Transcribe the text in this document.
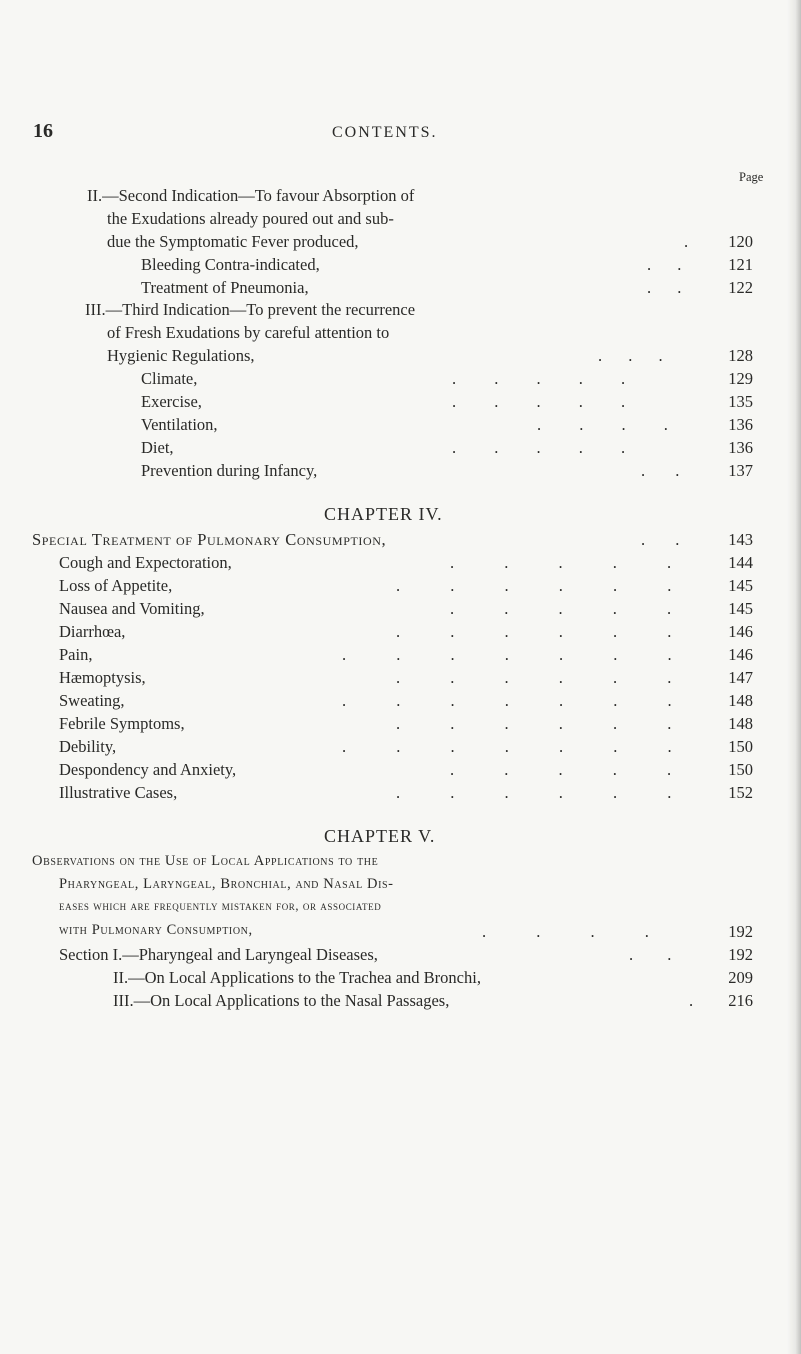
16	CONTENTS.
Page
II.—Second Indication—To favour Absorption of
the Exudations already poured out and sub-
due the Symptomatic Fever produced,	120
.
Bleeding Contra-indicated,	. .	121
Treatment of Pneumonia,	. .	122
III.—Third Indication—To prevent the recurrence
of Fresh Exudations by careful attention to
Hygienic Regulations,	. . .	128
Climate,	. . . . .	129
Exercise,	. . . . .	135
Ventilation,	. . . .	136
Diet,	. . . . .	136
Prevention during Infancy,	. .	137
CHAPTER IV.
Special Treatment of Pulmonary Consumption,	. .	143
Cough and Expectoration,	. . . . .	144
Loss of Appetite,	. . . . . .	145
Nausea and Vomiting,	. . . . .	145
Diarrhœa,	. . . . . .	146
Pain,	. . . . . . .	146
Hæmoptysis,	. . . . . .	147
Sweating,	. . . . . . .	148
Febrile Symptoms,	. . . . . .	148
Debility,	. . . . . . .	150
Despondency and Anxiety,	. . . . .	150
Illustrative Cases,	. . . . . .	152
CHAPTER V.
Observations on the Use of Local Applications to the
Pharyngeal, Laryngeal, Bronchial, and Nasal Dis-
eases which are frequently mistaken for, or associated
with Pulmonary Consumption,	. . . .	192
Section I.—Pharyngeal and Laryngeal Diseases,	. .	192
II.—On Local Applications to the Trachea and Bronchi,	209
III.—On Local Applications to the Nasal Passages,	.	216
